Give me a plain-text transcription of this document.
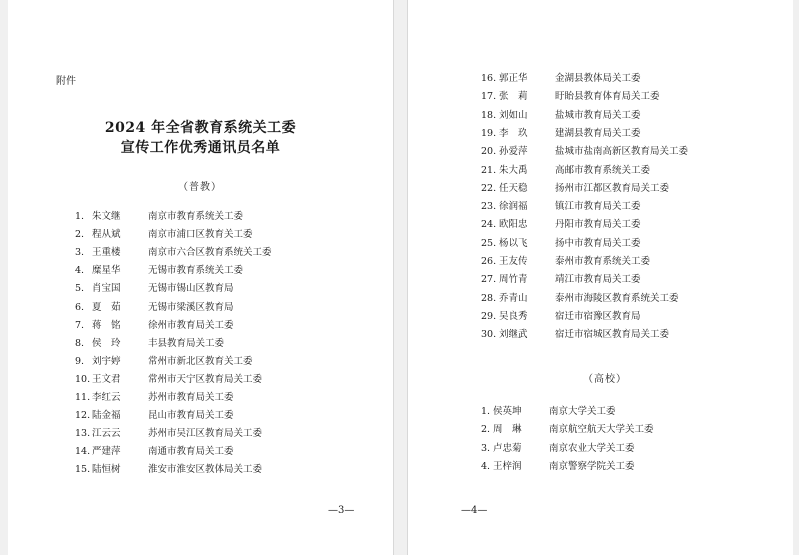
附件
2024 年全省教育系统关工委
宣传工作优秀通讯员名单
（普教）
1. 朱文继	南京市教育系统关工委
2. 程从斌	南京市浦口区教育关工委
3. 王重楼	南京市六合区教育系统关工委
4. 糜星华	无锡市教育系统关工委
5. 肖宝国	无锡市锡山区教育局
6. 夏　茹	无锡市梁溪区教育局
7. 蒋　铭	徐州市教育局关工委
8. 侯　玲	丰县教育局关工委
9. 刘宇婷	常州市新北区教育关工委
10. 王文君	常州市天宁区教育局关工委
11. 李红云	苏州市教育局关工委
12. 陆金福	昆山市教育局关工委
13. 江云云	苏州市吴江区教育局关工委
14. 严建萍	南通市教育局关工委
15. 陆恒树	淮安市淮安区教体局关工委
—3—
16. 郭正华	金湖县教体局关工委
17. 张　莉	盱眙县教育体育局关工委
18. 刘如山	盐城市教育局关工委
19. 李　玖	建湖县教育局关工委
20. 孙爱萍	盐城市盐南高新区教育局关工委
21. 朱大禹	高邮市教育系统关工委
22. 任天稳	扬州市江都区教育局关工委
23. 徐润福	镇江市教育局关工委
24. 欧阳忠	丹阳市教育局关工委
25. 杨以飞	扬中市教育局关工委
26. 王友传	泰州市教育系统关工委
27. 周竹青	靖江市教育局关工委
28. 乔青山	泰州市海陵区教育系统关工委
29. 吴良秀	宿迁市宿豫区教育局
30. 刘继武	宿迁市宿城区教育局关工委
（高校）
1. 侯英坤	南京大学关工委
2. 周　琳	南京航空航天大学关工委
3. 卢忠菊	南京农业大学关工委
4. 王梓润	南京警察学院关工委
—4—
